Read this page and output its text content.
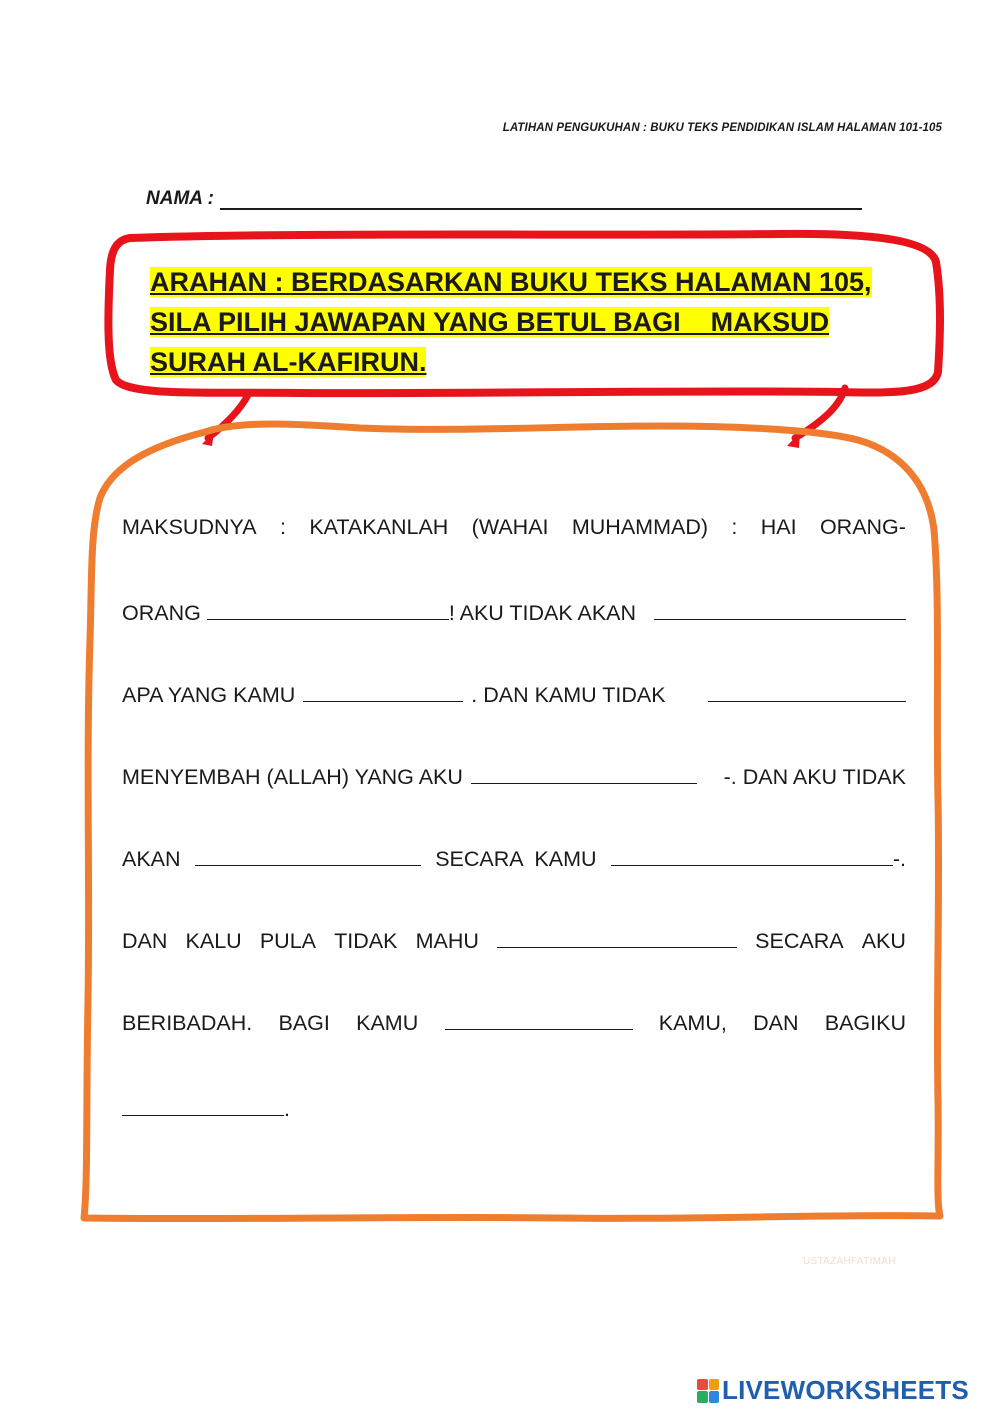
LATIHAN PENGUKUHAN : BUKU TEKS PENDIDIKAN ISLAM HALAMAN 101-105
NAMA :
ARAHAN : BERDASARKAN BUKU TEKS HALAMAN 105,
SILA PILIH JAWAPAN YANG BETUL BAGI    MAKSUD
SURAH AL-KAFIRUN.
MAKSUDNYA : KATAKANLAH (WAHAI MUHAMMAD) : HAI ORANG-
ORANG	! AKU TIDAK AKAN
APA YANG KAMU	. DAN KAMU TIDAK
MENYEMBAH (ALLAH) YANG AKU	-. DAN AKU TIDAK
AKAN	SECARA  KAMU	-.
DAN KALU PULA TIDAK MAHU	SECARA AKU
BERIBADAH. BAGI KAMU	KAMU, DAN BAGIKU
.
USTAZAHFATIMAH
LIVEWORKSHEETS
